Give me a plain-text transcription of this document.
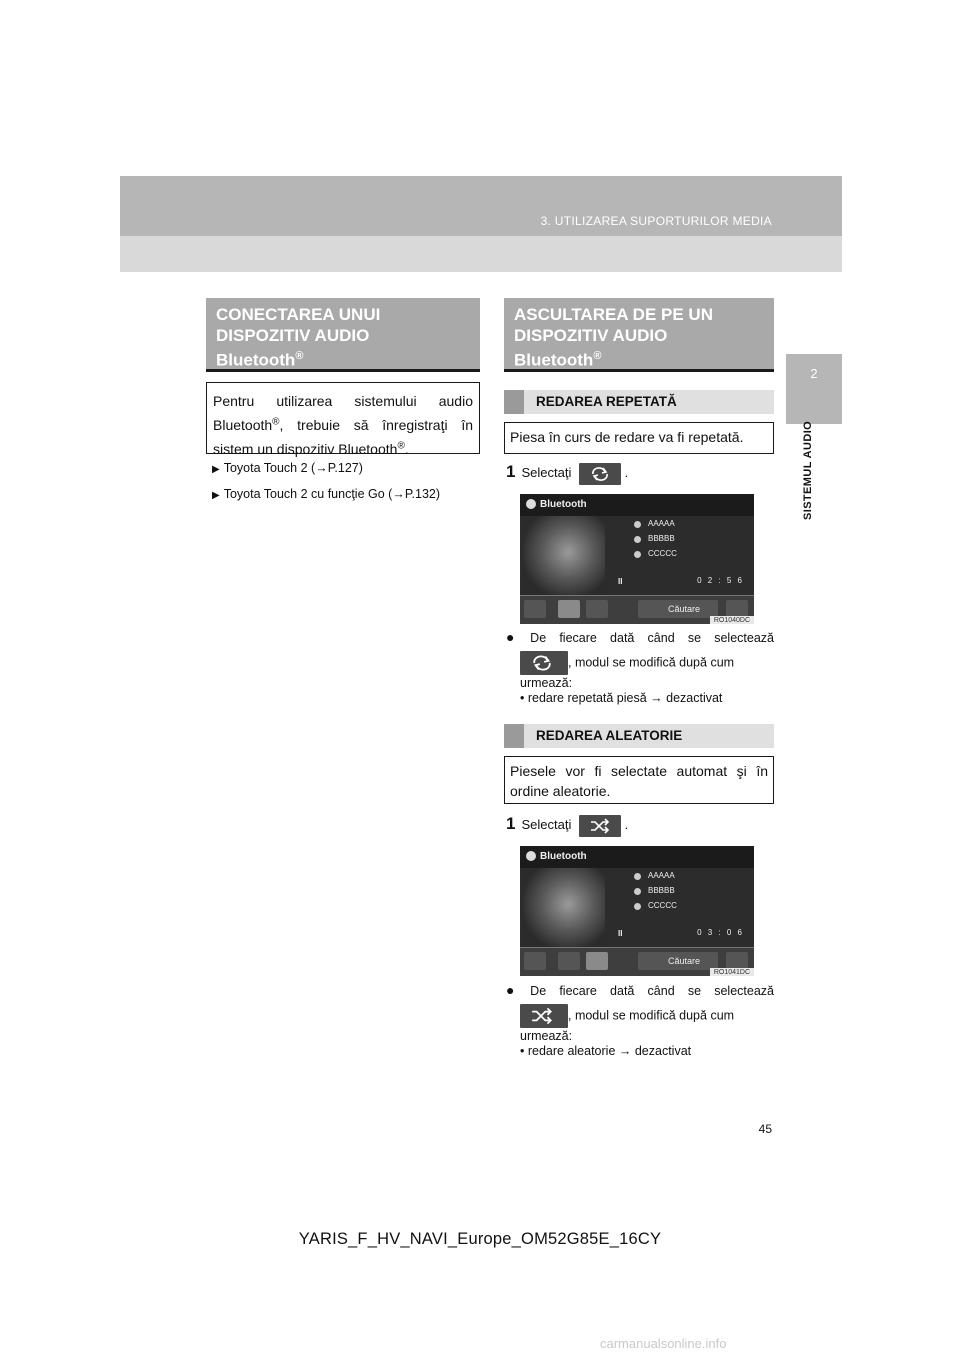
3. UTILIZAREA SUPORTURILOR MEDIA
2
SISTEMUL AUDIO
CONECTAREA UNUI
DISPOZITIV AUDIO
Bluetooth®
Pentru utilizarea sistemului audio Bluetooth®, trebuie să înregistraţi în sistem un dispozitiv Bluetooth®.
▶ Toyota Touch 2 (→P.127)
▶ Toyota Touch 2 cu funcţie Go (→P.132)
ASCULTAREA DE PE UN
DISPOZITIV AUDIO
Bluetooth®
REDAREA REPETATĂ
Piesa în curs de redare va fi repetată.
1 Selectaţi	.
Bluetooth
AAAAA
BBBBB
CCCCC
II	0 2 : 5 6
Căutare
RO1040DC
● De fiecare dată când se selectează
, modul se modifică după cum urmează:
• redare repetată piesă → dezactivat
REDAREA ALEATORIE
Piesele vor fi selectate automat şi în ordine aleatorie.
1 Selectaţi	.
Bluetooth
AAAAA
BBBBB
CCCCC
II	0 3 : 0 6
Căutare
RO1041DC
● De fiecare dată când se selectează
, modul se modifică după cum urmează:
• redare aleatorie → dezactivat
45
YARIS_F_HV_NAVI_Europe_OM52G85E_16CY
carmanualsonline.info
